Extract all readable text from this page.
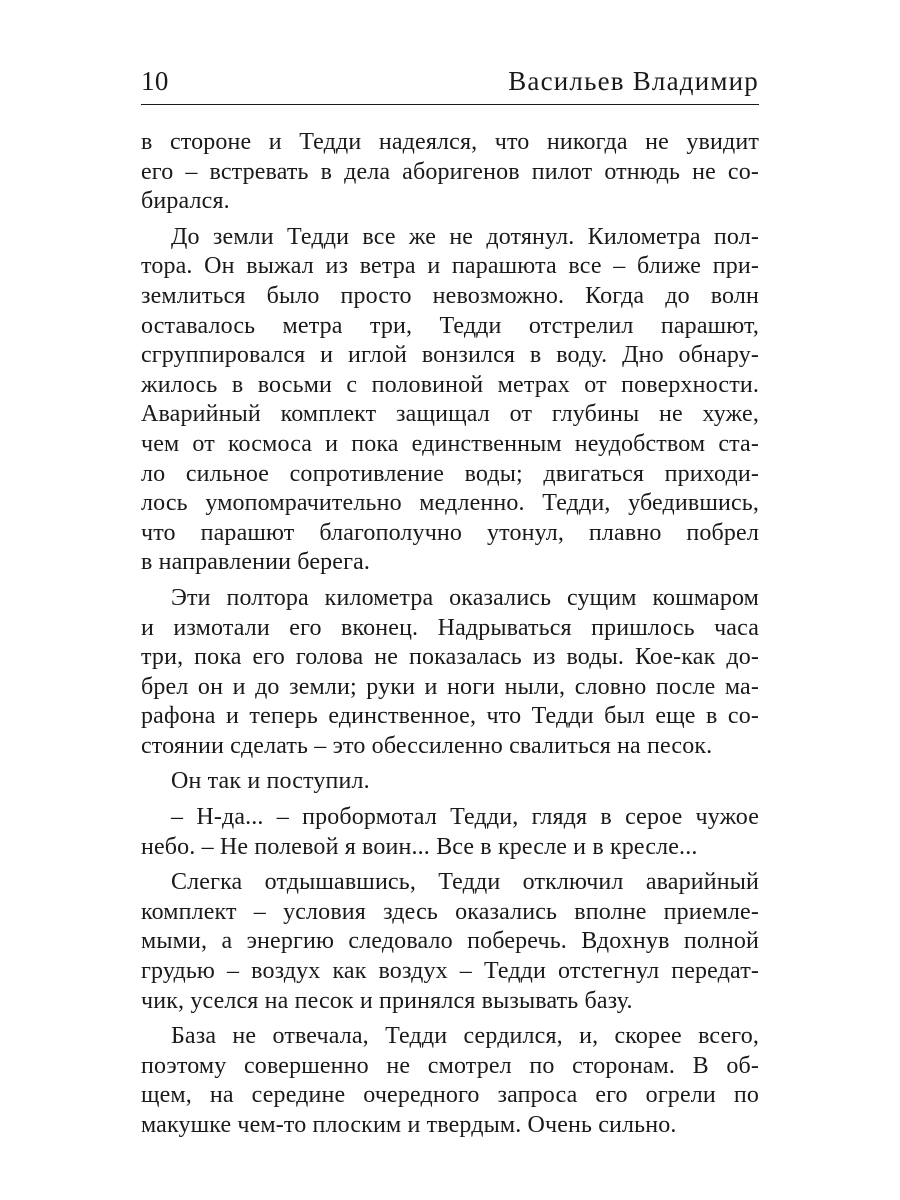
10	Васильев Владимир
в стороне и Тедди надеялся, что никогда не увидит
его – встревать в дела аборигенов пилот отнюдь не со-
бирался.
До земли Тедди все же не дотянул. Километра пол-
тора. Он выжал из ветра и парашюта все – ближе при-
землиться было просто невозможно. Когда до волн
оставалось метра три, Тедди отстрелил парашют,
сгруппировался и иглой вонзился в воду. Дно обнару-
жилось в восьми с половиной метрах от поверхности.
Аварийный комплект защищал от глубины не хуже,
чем от космоса и пока единственным неудобством ста-
ло сильное сопротивление воды; двигаться приходи-
лось умопомрачительно медленно. Тедди, убедившись,
что парашют благополучно утонул, плавно побрел
в направлении берега.
Эти полтора километра оказались сущим кошмаром
и измотали его вконец. Надрываться пришлось часа
три, пока его голова не показалась из воды. Кое-как до-
брел он и до земли; руки и ноги ныли, словно после ма-
рафона и теперь единственное, что Тедди был еще в со-
стоянии сделать – это обессиленно свалиться на песок.
Он так и поступил.
– Н-да... – пробормотал Тедди, глядя в серое чужое
небо. – Не полевой я воин... Все в кресле и в кресле...
Слегка отдышавшись, Тедди отключил аварийный
комплект – условия здесь оказались вполне приемле-
мыми, а энергию следовало поберечь. Вдохнув полной
грудью – воздух как воздух – Тедди отстегнул передат-
чик, уселся на песок и принялся вызывать базу.
База не отвечала, Тедди сердился, и, скорее всего,
поэтому совершенно не смотрел по сторонам. В об-
щем, на середине очередного запроса его огрели по
макушке чем-то плоским и твердым. Очень сильно.
